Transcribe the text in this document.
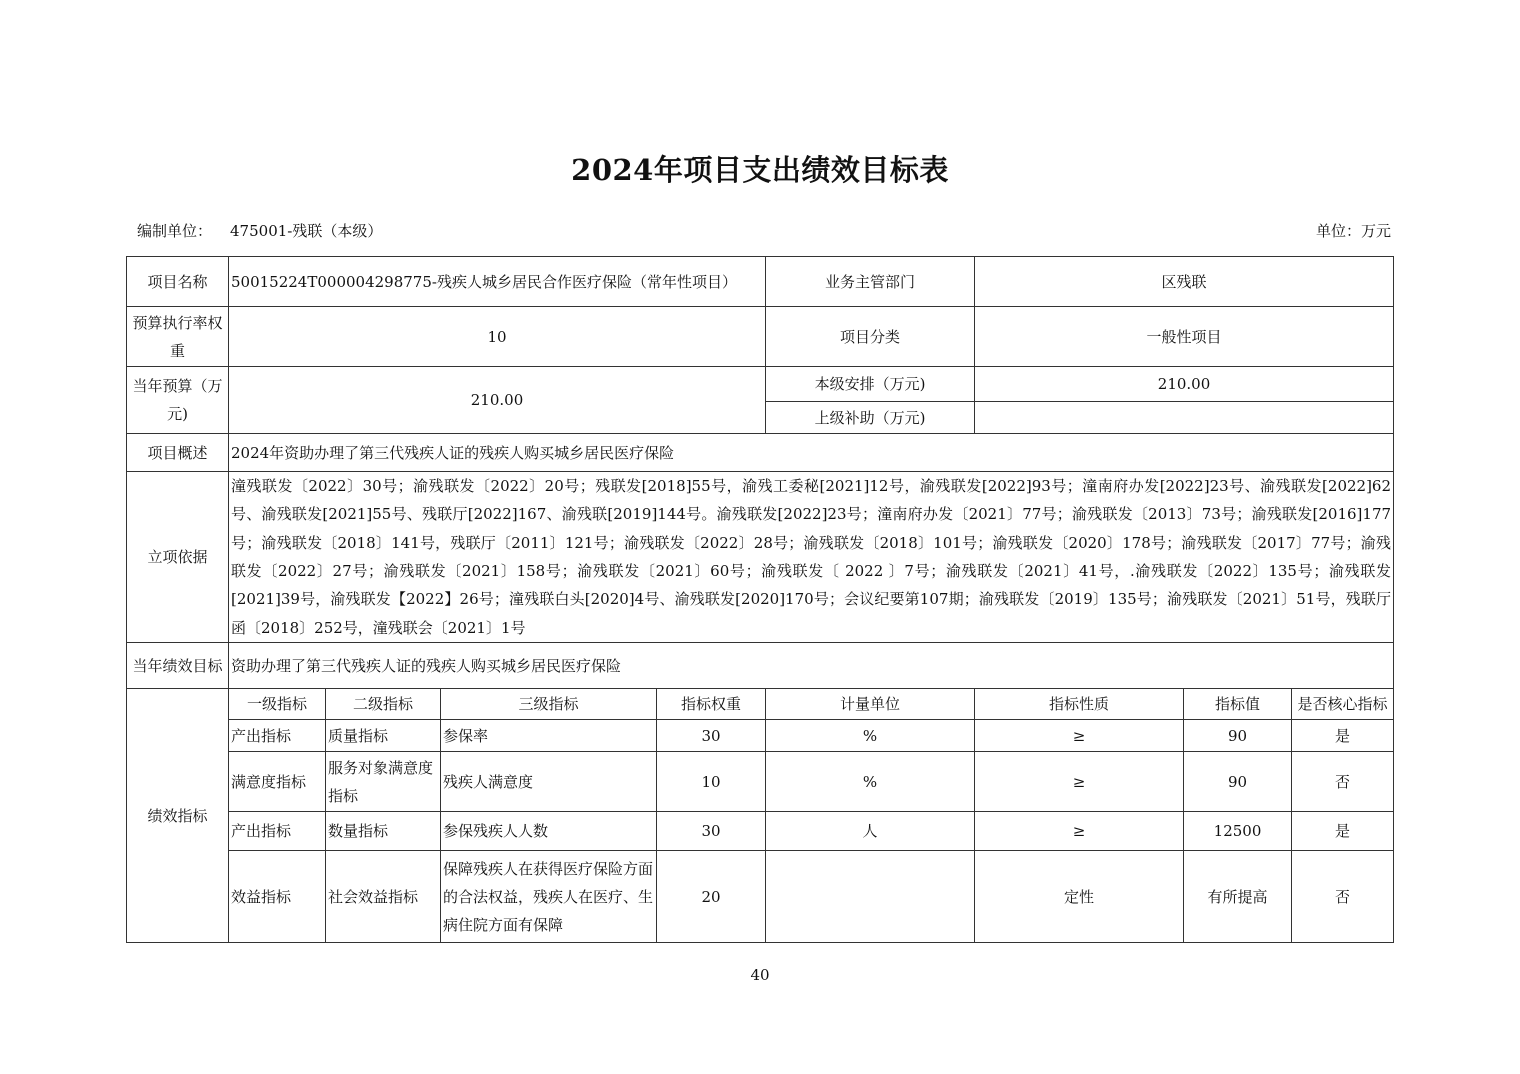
2024年项目支出绩效目标表
编制单位： 475001-残联（本级）	单位：万元
项目名称	50015224T000004298775-残疾人城乡居民合作医疗保险（常年性项目）				业务主管部门	区残联		
预算执行率权重	10				项目分类	一般性项目		
当年预算（万元)	210.00				本级安排（万元)	210.00		
					上级补助（万元)			
项目概述	2024年资助办理了第三代残疾人证的残疾人购买城乡居民医疗保险							
立项依据	潼残联发〔2022〕30号；渝残联发〔2022〕20号；残联发[2018]55号，渝残工委秘[2021]12号，渝残联发[2022]93号；潼南府办发[2022]23号、渝残联发[2022]62号、渝残联发[2021]55号、残联厅[2022]167、渝残联[2019]144号。渝残联发[2022]23号；潼南府办发〔2021〕77号；渝残联发〔2013〕73号；渝残联发[2016]177号；渝残联发〔2018〕141号，残联厅〔2011〕121号；渝残联发〔2022〕28号；渝残联发〔2018〕101号；渝残联发〔2020〕178号；渝残联发〔2017〕77号；渝残联发〔2022〕27号；渝残联发〔2021〕158号；渝残联发〔2021〕60号；渝残联发〔 2022 〕7号；渝残联发〔2021〕41号，.渝残联发〔2022〕135号；渝残联发[2021]39号，渝残联发【2022】26号；潼残联白头[2020]4号、渝残联发[2020]170号；会议纪要第107期；渝残联发〔2019〕135号；渝残联发〔2021〕51号，残联厅函〔2018〕252号，潼残联会〔2021〕1号							
当年绩效目标	资助办理了第三代残疾人证的残疾人购买城乡居民医疗保险							
绩效指标	一级指标	二级指标	三级指标	指标权重	计量单位	指标性质	指标值	是否核心指标
	产出指标	质量指标	参保率	30	%	≥	90	是
	满意度指标	服务对象满意度指标	残疾人满意度	10	%	≥	90	否
	产出指标	数量指标	参保残疾人人数	30	人	≥	12500	是
	效益指标	社会效益指标	保障残疾人在获得医疗保险方面的合法权益，残疾人在医疗、生病住院方面有保障	20		定性	有所提高	否
40
